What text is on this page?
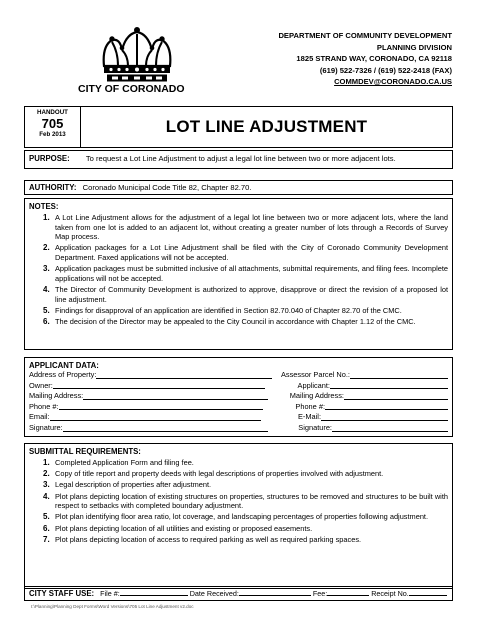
CITY OF CORONADO
DEPARTMENT OF COMMUNITY DEVELOPMENT
PLANNING DIVISION
1825 STRAND WAY, CORONADO, CA 92118
(619) 522-7326 / (619) 522-2418 (FAX)
COMMDEV@CORONADO.CA.US
HANDOUT
705
Feb 2013	LOT LINE ADJUSTMENT
PURPOSE: To request a Lot Line Adjustment to adjust a legal lot line between two or more adjacent lots.
AUTHORITY: Coronado Municipal Code Title 82, Chapter 82.70.
NOTES:
1. A Lot Line Adjustment allows for the adjustment of a legal lot line between two or more adjacent lots, where the land taken from one lot is added to an adjacent lot, without creating a greater number of lots through a Records of Survey Map process.
2. Application packages for a Lot Line Adjustment shall be filed with the City of Coronado Community Development Department. Faxed applications will not be accepted.
3. Application packages must be submitted inclusive of all attachments, submittal requirements, and filing fees. Incomplete applications will not be accepted.
4. The Director of Community Development is authorized to approve, disapprove or direct the revision of a proposed lot line adjustment.
5. Findings for disapproval of an application are identified in Section 82.70.040 of Chapter 82.70 of the CMC.
6. The decision of the Director may be appealed to the City Council in accordance with Chapter 1.12 of the CMC.
APPLICANT DATA:
Address of Property:	Assessor Parcel No.:
Owner:	Applicant:
Mailing Address:	Mailing Address:
Phone #:	Phone #:
Email:	E-Mail:
Signature:	Signature:
SUBMITTAL REQUIREMENTS:
1. Completed Application Form and filing fee.
2. Copy of title report and property deeds with legal descriptions of properties involved with adjustment.
3. Legal description of properties after adjustment.
4. Plot plans depicting location of existing structures on properties, structures to be removed and structures to be built with respect to setbacks with completed boundary adjustment.
5. Plot plan identifying floor area ratio, lot coverage, and landscaping percentages of properties following adjustment.
6. Plot plans depicting location of all utilities and existing or proposed easements.
7. Plot plans depicting location of access to required parking as well as required parking spaces.
CITY STAFF USE: File #:	Date Received:	Fee:	Receipt No.
I:\Planning\Planning Dept Forms\Word Versions\705 Lot Line Adjustment v2.doc
